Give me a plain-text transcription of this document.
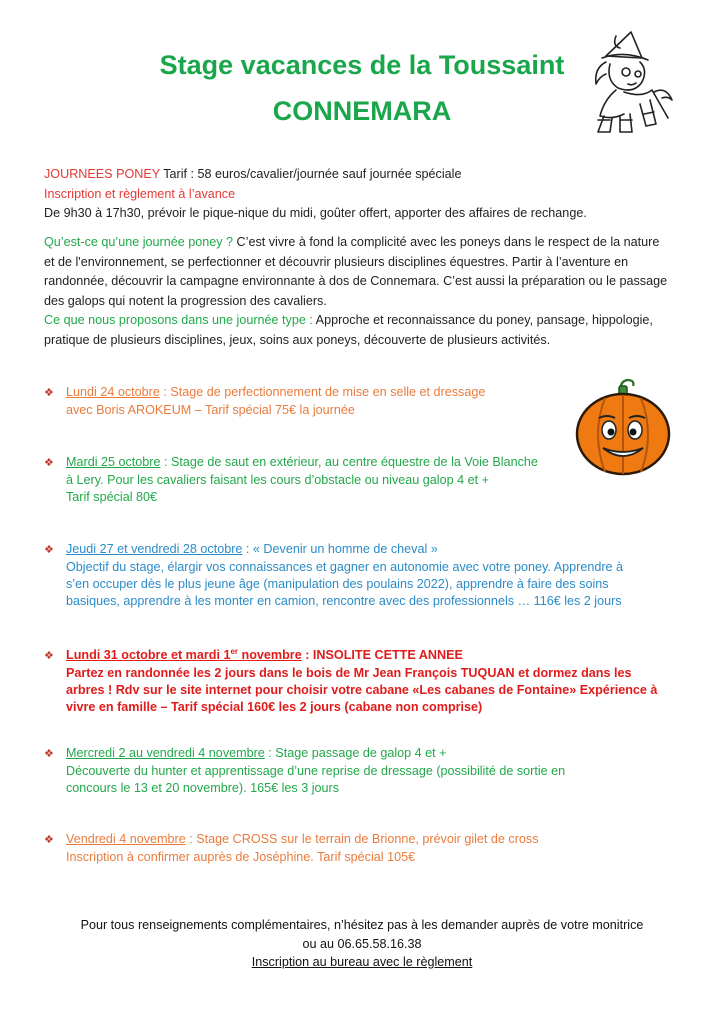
Stage vacances de la Toussaint
CONNEMARA
JOURNEES PONEY Tarif : 58 euros/cavalier/journée sauf journée spéciale
Inscription et règlement à l’avance
De 9h30 à 17h30, prévoir le pique-nique du midi, goûter offert, apporter des affaires de rechange.
Qu’est-ce qu’une journée poney ? C’est vivre à fond la complicité avec les poneys dans le respect de la nature
et de l'environnement, se perfectionner et découvrir plusieurs disciplines équestres. Partir à l’aventure en
randonnée, découvrir la campagne environnante à dos de Connemara. C’est aussi la préparation ou le passage
des galops qui notent la progression des cavaliers.
Ce que nous proposons dans une journée type : Approche et reconnaissance du poney, pansage, hippologie,
pratique de plusieurs disciplines, jeux, soins aux poneys, découverte de plusieurs activités.
❖ Lundi 24 octobre : Stage de perfectionnement de mise en selle et dressage
avec Boris AROKEUM – Tarif spécial 75€ la journée
❖ Mardi 25 octobre : Stage de saut en extérieur, au centre équestre de la Voie Blanche
à Lery. Pour les cavaliers faisant les cours d’obstacle ou niveau galop 4 et +
Tarif spécial 80€
❖ Jeudi 27 et vendredi 28 octobre : « Devenir un homme de cheval »
Objectif du stage, élargir vos connaissances et gagner en autonomie avec votre poney. Apprendre à
s’en occuper dès le plus jeune âge (manipulation des poulains 2022), apprendre à faire des soins
basiques, apprendre à les monter en camion, rencontre avec des professionnels … 116€ les 2 jours
❖ Lundi 31 octobre et mardi 1er novembre : INSOLITE CETTE ANNEE
Partez en randonnée les 2 jours dans le bois de Mr Jean François TUQUAN et dormez dans les
arbres ! Rdv sur le site internet pour choisir votre cabane «Les cabanes de Fontaine» Expérience à
vivre en famille – Tarif spécial 160€ les 2 jours (cabane non comprise)
❖ Mercredi 2 au vendredi 4 novembre : Stage passage de galop 4 et +
Découverte du hunter et apprentissage d’une reprise de dressage (possibilité de sortie en
concours le 13 et 20 novembre). 165€ les 3 jours
❖ Vendredi 4 novembre : Stage CROSS sur le terrain de Brionne, prévoir gilet de cross
Inscription à confirmer auprès de Joséphine. Tarif spécial 105€
Pour tous renseignements complémentaires, n’hésitez pas à les demander auprès de votre monitrice
ou au 06.65.58.16.38
Inscription au bureau avec le règlement
